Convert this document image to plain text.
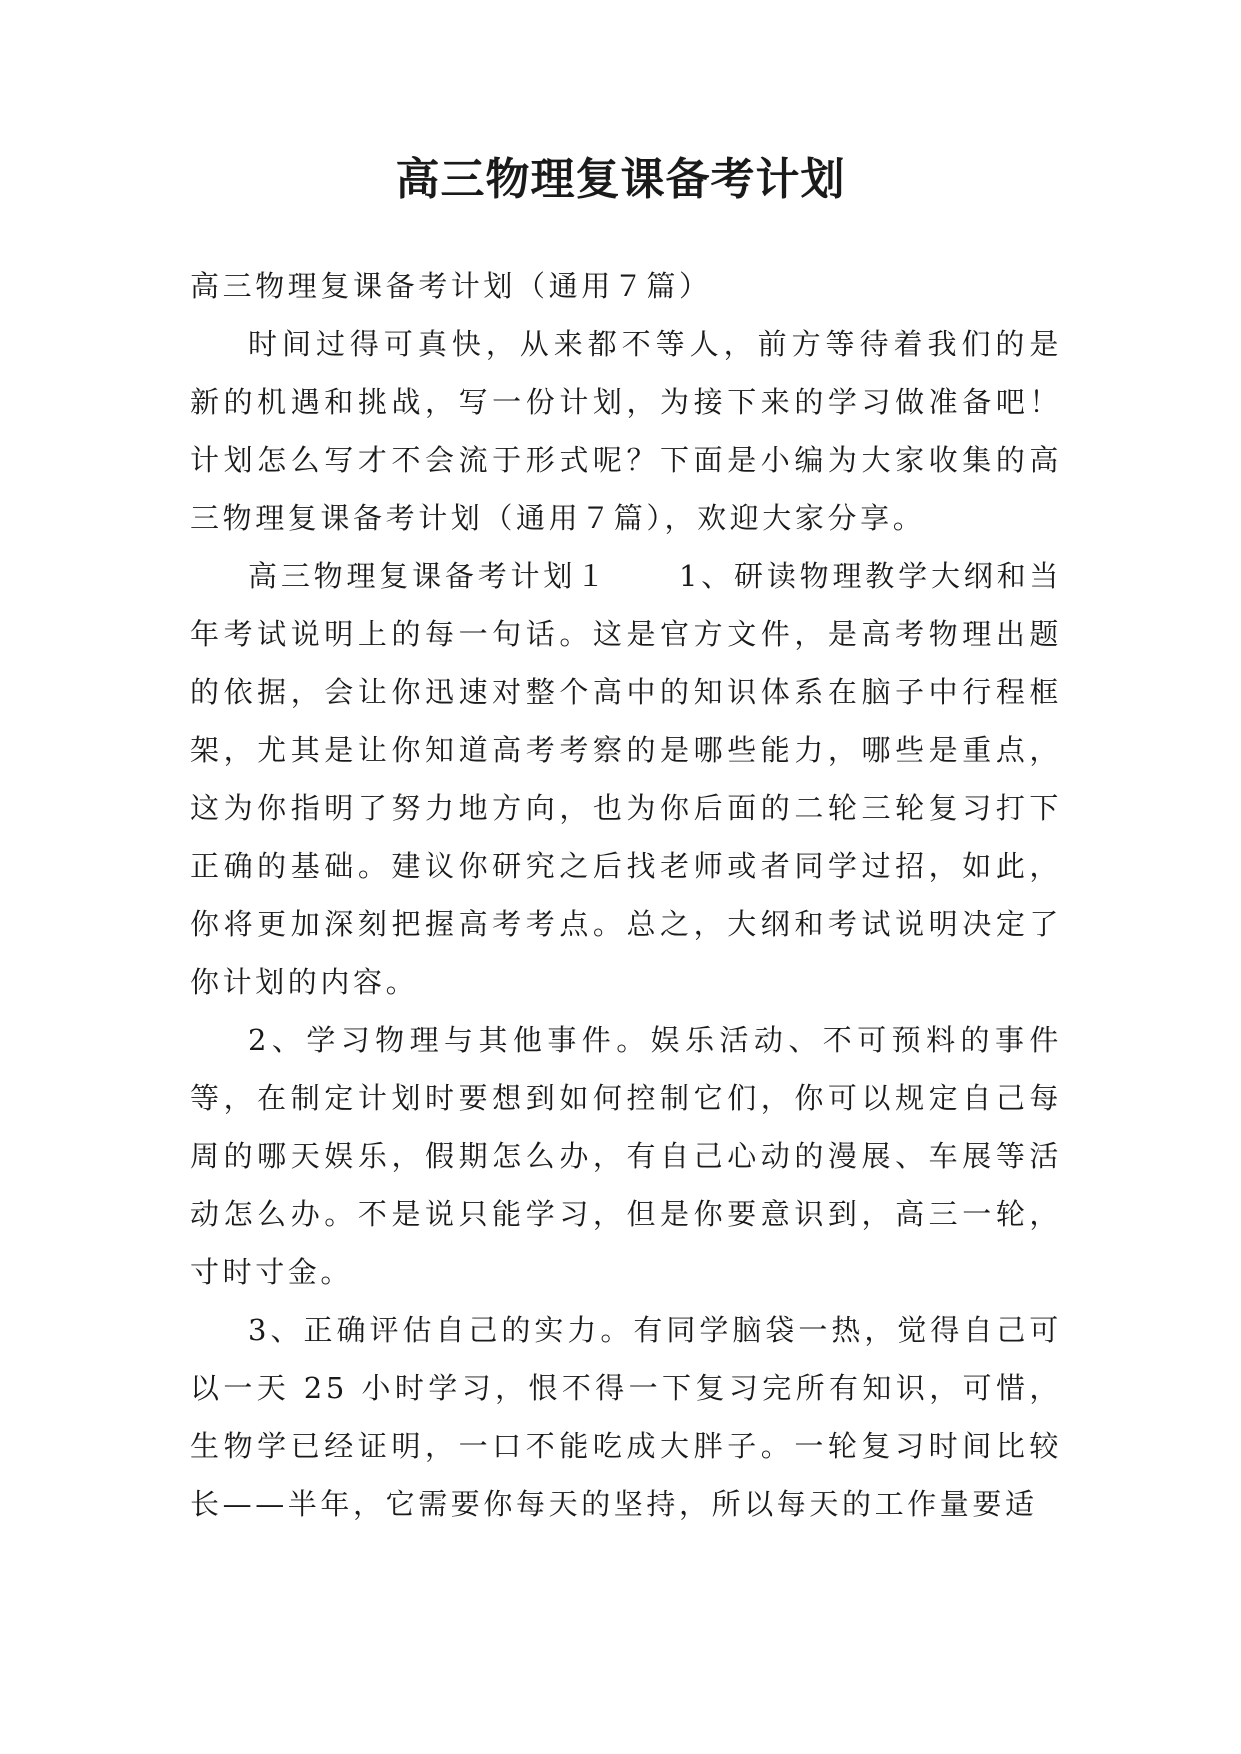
高三物理复课备考计划

高三物理复课备考计划（通用７篇）

时间过得可真快，从来都不等人，前方等待着我们的是新的机遇和挑战，写一份计划，为接下来的学习做准备吧！计划怎么写才不会流于形式呢？下面是小编为大家收集的高三物理复课备考计划（通用７篇），欢迎大家分享。

高三物理复课备考计划１ 1、研读物理教学大纲和当年考试说明上的每一句话。这是官方文件，是高考物理出题的依据，会让你迅速对整个高中的知识体系在脑子中行程框架，尤其是让你知道高考考察的是哪些能力，哪些是重点，这为你指明了努力地方向，也为你后面的二轮三轮复习打下正确的基础。建议你研究之后找老师或者同学过招，如此，你将更加深刻把握高考考点。总之，大纲和考试说明决定了你计划的内容。

2、学习物理与其他事件。娱乐活动、不可预料的事件等，在制定计划时要想到如何控制它们，你可以规定自己每周的哪天娱乐，假期怎么办，有自己心动的漫展、车展等活动怎么办。不是说只能学习，但是你要意识到，高三一轮，寸时寸金。

3、正确评估自己的实力。有同学脑袋一热，觉得自己可以一天 25 小时学习，恨不得一下复习完所有知识，可惜，生物学已经证明，一口不能吃成大胖子。一轮复习时间比较长——半年，它需要你每天的坚持，所以每天的工作量要适
